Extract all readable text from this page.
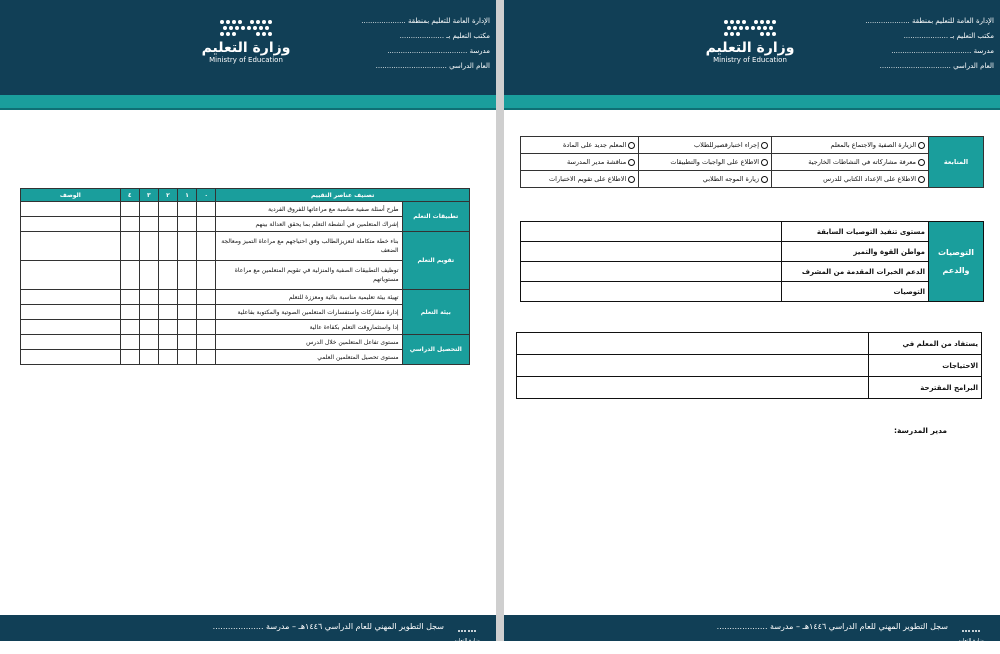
الإدارة العامة للتعليم بمنطقة ....................
مكتب التعليم بـ ....................
مدرسة ....................................
العام الدراسي ................................
وزارة التعليم
Ministry of Education
تصنيف عناصر التقييم		٠	١	٢	٣	٤	الوصف
تطبيقات التعلم	طرح أسئلة صفية مناسبة مع مراعاتها للفروق الفردية						
	إشراك المتعلمين في أنشطة التعلم بما يحقق العدالة بينهم						
تقويم التعلم	بناء خطة متكاملة لتعزيزالطالب وفق احتياجهم مع مراعاة التميز ومعالجة الضعف						
	توظيف التطبيقات الصفية والمنزلية في تقويم المتعلمين مع مراعاة مستوياتهم						
بيئة التعلم	تهيئة بيئة تعليمية مناسبة بنائية ومعززة للتعلم						
	إدارة مشاركات واستفسارات المتعلمين الصوتية والمكتوبة بفاعلية						
	إدا واستثماروقت التعلم بكفاءة عالية						
التحصيل الدراسي	مستوى تفاعل المتعلمين خلال الدرس						
	مستوى تحصيل المتعلمين العلمي						
سجل التطوير المهني للعام الدراسي ١٤٤٦هـ – مدرسة ....................
وزارة التعليم
Ministry of Education
الإدارة العامة للتعليم بمنطقة ....................
مكتب التعليم بـ ....................
مدرسة ....................................
العام الدراسي ................................
وزارة التعليم
Ministry of Education
المتابعة	الزيارة الصفية والاجتماع بالمعلم	إجراء اختبارقصيرللطلاب	المعلم جديد على المادة
	معرفة مشاركاته في النشاطات الخارجية	الاطلاع على الواجبات والتطبيقات	مناقشة مدير المدرسة
	الاطلاع على الإعداد الكتابي للدرس	زيارة الموجه الطلابي	الاطلاع على تقويم الاختبارات
التوصيات والدعم	مستوى تنفيذ التوصيات السابقة	
	مواطن القوة والتميز	
	الدعم الخبرات المقدمة من المشرف	
	التوصيات	
يستفاد من المعلم في	
الاحتياجات	
البرامج المقترحة	
مدير المدرسة:
سجل التطوير المهني للعام الدراسي ١٤٤٦هـ – مدرسة ....................
وزارة التعليم
Ministry of Education
